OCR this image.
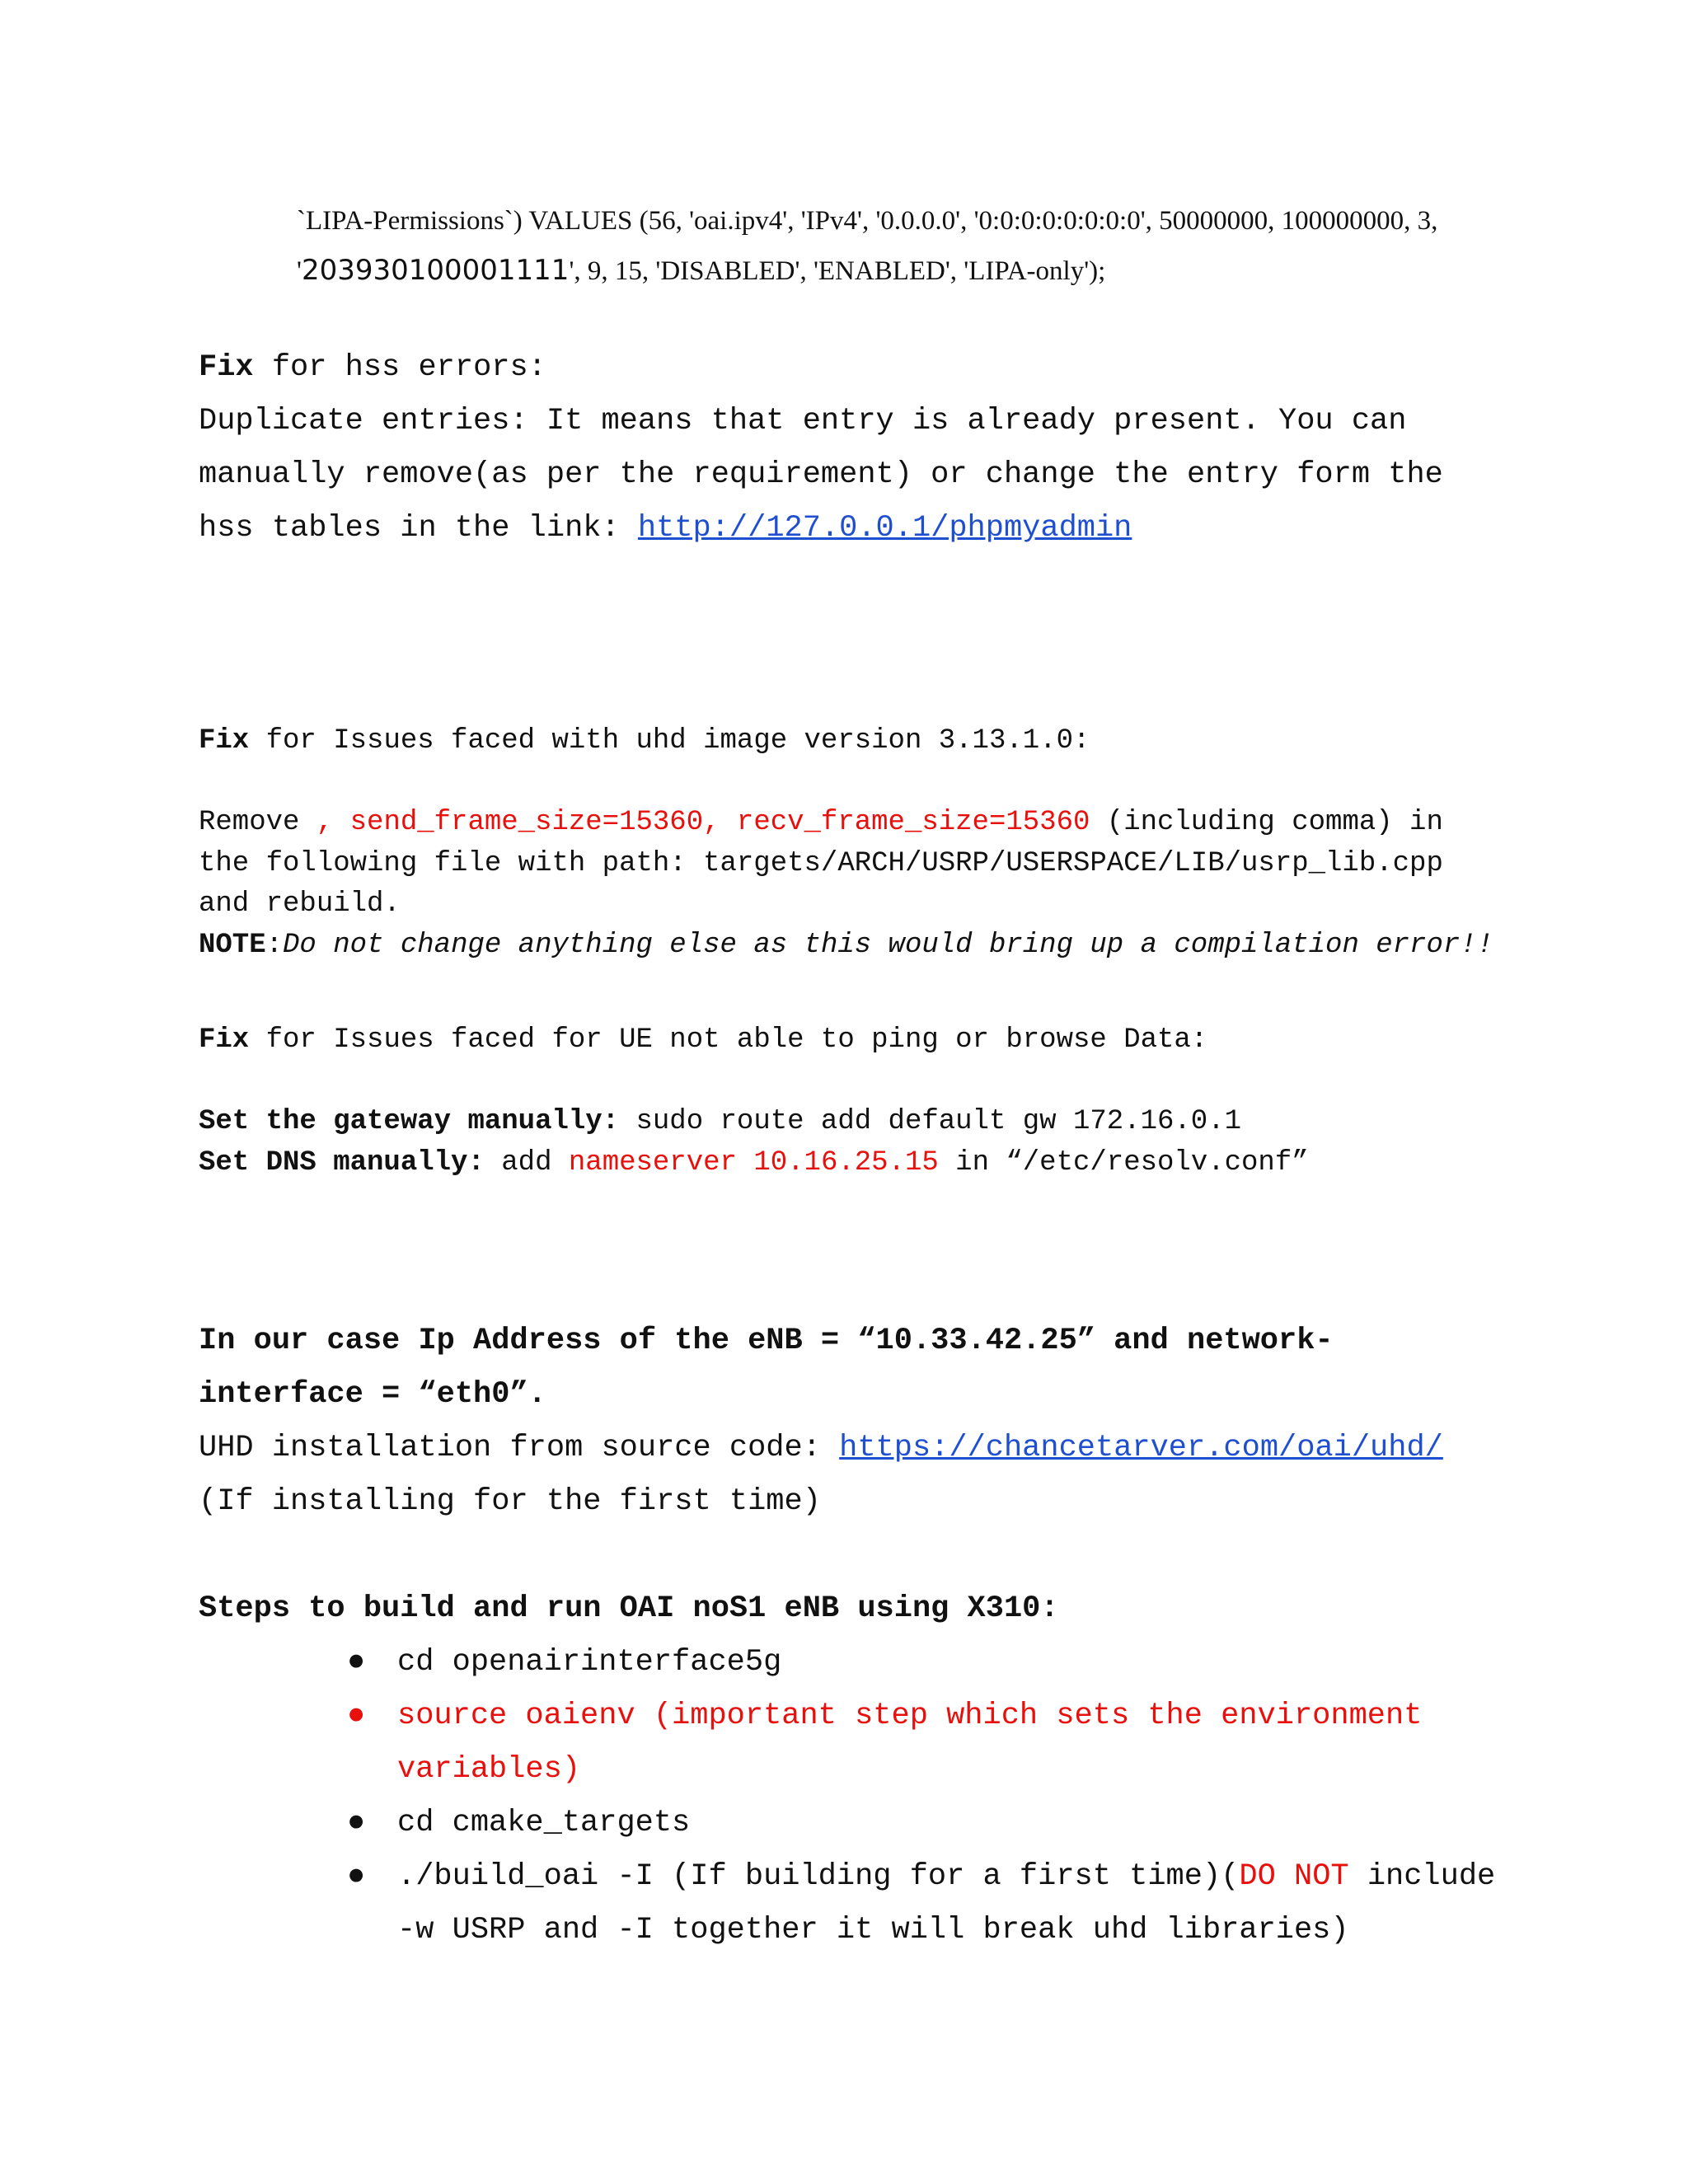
`LIPA-Permissions`) VALUES (56, 'oai.ipv4', 'IPv4', '0.0.0.0', '0:0:0:0:0:0:0:0', 50000000, 100000000, 3,
'203930100001111', 9, 15, 'DISABLED', 'ENABLED', 'LIPA-only');
Fix for hss errors:
Duplicate entries: It means that entry is already present. You can
manually remove(as per the requirement) or change the entry form the
hss tables in the link: http://127.0.0.1/phpmyadmin
Fix for Issues faced with uhd image version 3.13.1.0:

Remove , send_frame_size=15360, recv_frame_size=15360 (including comma) in
the following file with path: targets/ARCH/USRP/USERSPACE/LIB/usrp_lib.cpp
and rebuild.
NOTE:Do not change anything else as this would bring up a compilation error!!
Fix for Issues faced for UE not able to ping or browse Data:

Set the gateway manually: sudo route add default gw 172.16.0.1
Set DNS manually: add nameserver 10.16.25.15 in “/etc/resolv.conf”
In our case Ip Address of the eNB = “10.33.42.25” and network-
interface = “eth0”.
UHD installation from source code: https://chancetarver.com/oai/uhd/
(If installing for the first time)
Steps to build and run OAI noS1 eNB using X310:
● cd openairinterface5g
● source oaienv (important step which sets the environment
variables)
● cd cmake_targets
● ./build_oai -I (If building for a first time)(DO NOT include
-w USRP and -I together it will break uhd libraries)
